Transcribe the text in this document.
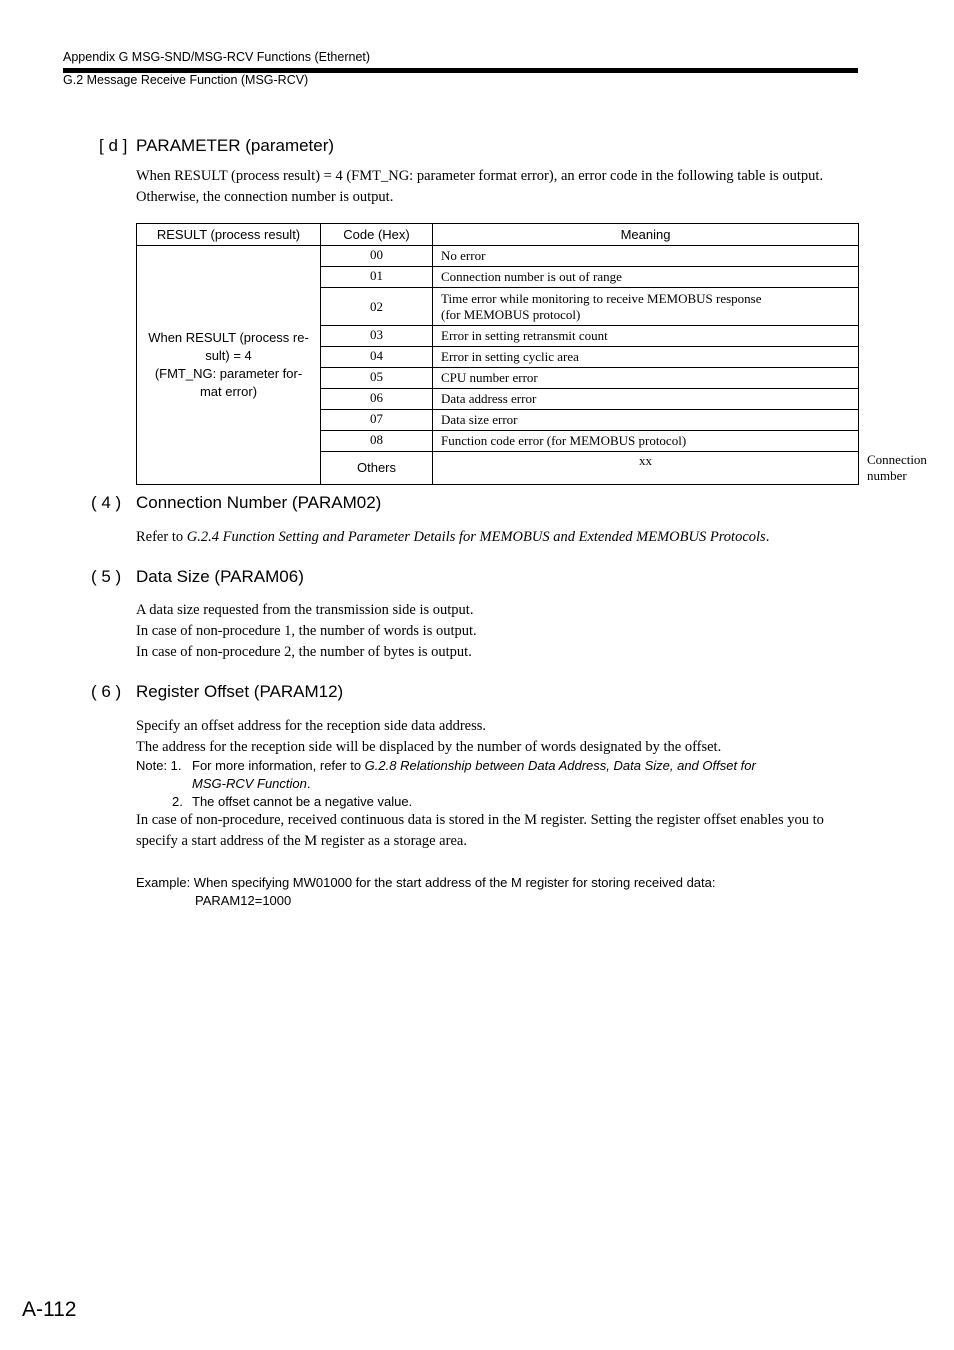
Appendix G MSG-SND/MSG-RCV Functions (Ethernet)
G.2 Message Receive Function (MSG-RCV)
[ d ] PARAMETER (parameter)
When RESULT (process result) = 4 (FMT_NG: parameter format error), an error code in the following table is output.
Otherwise, the connection number is output.
RESULT (process result)	Code (Hex)	Meaning	

When RESULT (process re-
sult) = 4
(FMT_NG: parameter for-
mat error)	00	No error	
	01	Connection number is out of range	
	02	Time error while monitoring to receive MEMOBUS response
(for MEMOBUS protocol)	

	03	Error in setting retransmit count	
	04	Error in setting cyclic area	
	05	CPU number error	
	06	Data address error	
	07	Data size error	
	08	Function code error (for MEMOBUS protocol)	
	Others	xx	Connection number
( 4 ) Connection Number (PARAM02)
Refer to G.2.4 Function Setting and Parameter Details for MEMOBUS and Extended MEMOBUS Protocols.
( 5 ) Data Size (PARAM06)
A data size requested from the transmission side is output.
In case of non-procedure 1, the number of words is output.
In case of non-procedure 2, the number of bytes is output.
( 6 ) Register Offset (PARAM12)
Specify an offset address for the reception side data address.
The address for the reception side will be displaced by the number of words designated by the offset.
Note: 1. For more information, refer to G.2.8 Relationship between Data Address, Data Size, and Offset for
MSG-RCV Function.
2. The offset cannot be a negative value.
In case of non-procedure, received continuous data is stored in the M register. Setting the register offset enables you to
specify a start address of the M register as a storage area.
Example: When specifying MW01000 for the start address of the M register for storing received data:
PARAM12=1000
A-112
